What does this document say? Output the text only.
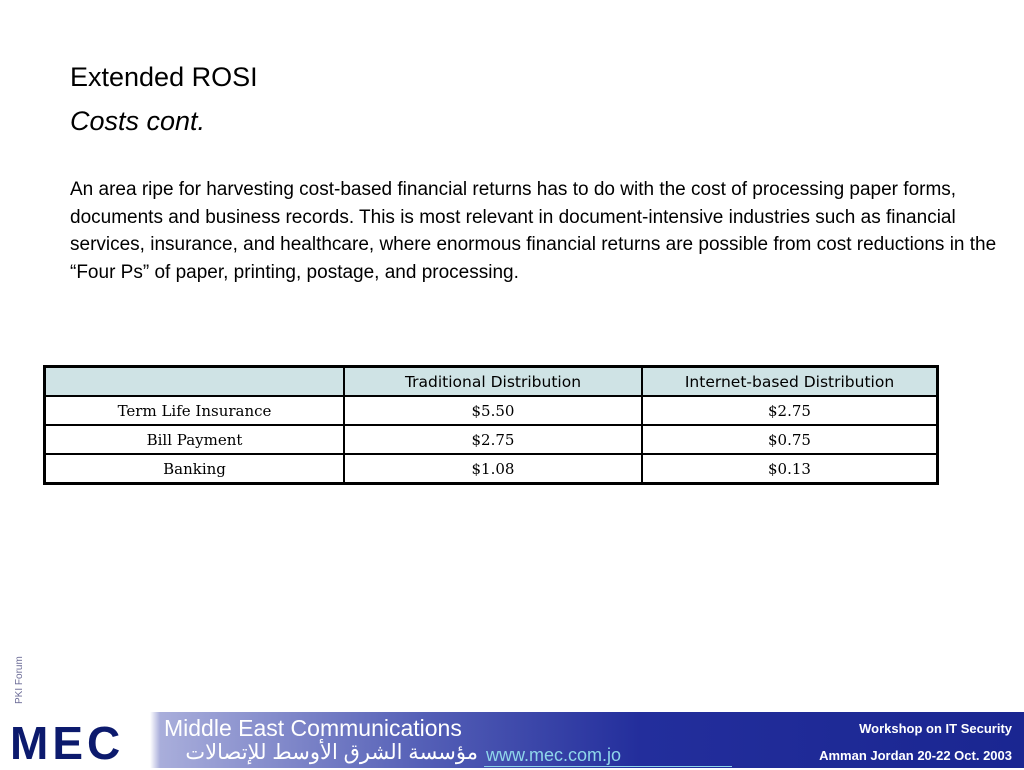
Extended ROSI
Costs cont.

An area ripe for harvesting cost-based financial returns has to do with the cost of processing paper forms, documents and business records. This is most relevant in document-intensive industries such as financial services, insurance, and healthcare, where enormous financial returns are possible from cost reductions in the “Four Ps” of paper, printing, postage, and processing.

	Traditional Distribution	Internet-based Distribution
Term Life Insurance	$5.50	$2.75
Bill Payment	$2.75	$0.75
Banking	$1.08	$0.13
PKI Forum
MEC Middle East Communications
مؤسسة الشرق الأوسط للإتصالات www.mec.com.jo
Workshop on IT Security
Amman Jordan 20-22 Oct. 2003
